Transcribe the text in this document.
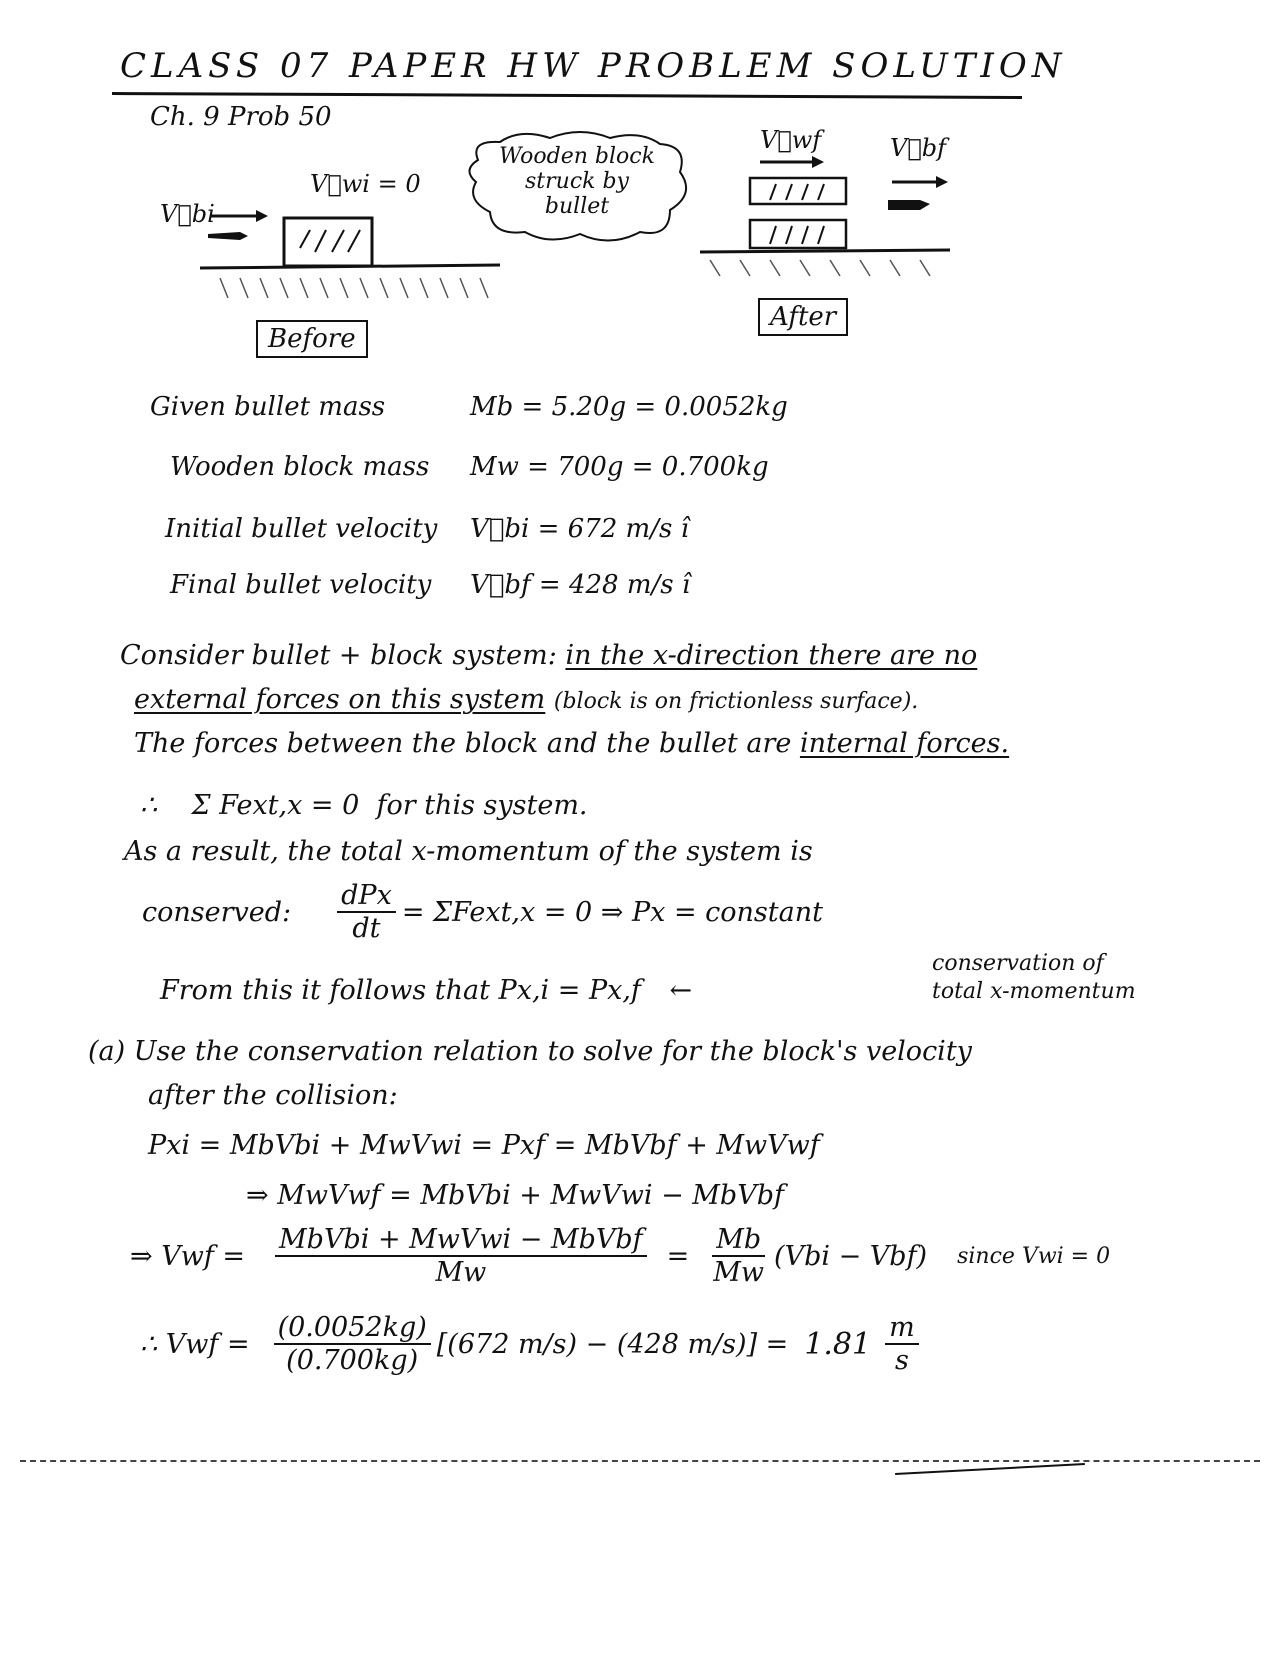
CLASS 07 PAPER HW PROBLEM SOLUTION
Ch. 9 Prob 50
V⃗bi
V⃗wi = 0
Before
Wooden block
struck by
bullet
V⃗wf	V⃗bf
After
Given bullet mass	Mb = 5.20g = 0.0052kg
Wooden block mass Mw = 700g = 0.700kg
Initial bullet velocity V⃗bi = 672 m/s î
Final bullet velocity V⃗bf = 428 m/s î
Consider bullet + block system: in the x-direction there are no
external forces on this system (block is on frictionless surface).
The forces between the block and the bullet are internal forces.
∴ Σ Fext,x = 0 for this system.
As a result, the total x-momentum of the system is
conserved: $\frac{\text{dPx}}{dt}$ = ΣFext,x = 0 ⇒ Px = constant
From this it follows that Px,i = Px,f ←
conservation of
total x-momentum
(a) Use the conservation relation to solve for the block's velocity
after the collision:
Pxi = MbVbi + MwVwi = Pxf = MbVbf + MwVwf
⇒ MwVwf = MbVbi + MwVwi − MbVbf
⇒ Vwf = $\frac{\text{MbVbi + MwVwi − MbVbf}}{Mw} = \frac{Mb}{Mw} (Vbi - Vbf)$ since Vwi = 0
∴ Vwf = $\frac{(0.0052kg)}{(0.700kg)} [(672$ m/s) − (428 $m/s)] = 1.81 \frac{m}{s}$
